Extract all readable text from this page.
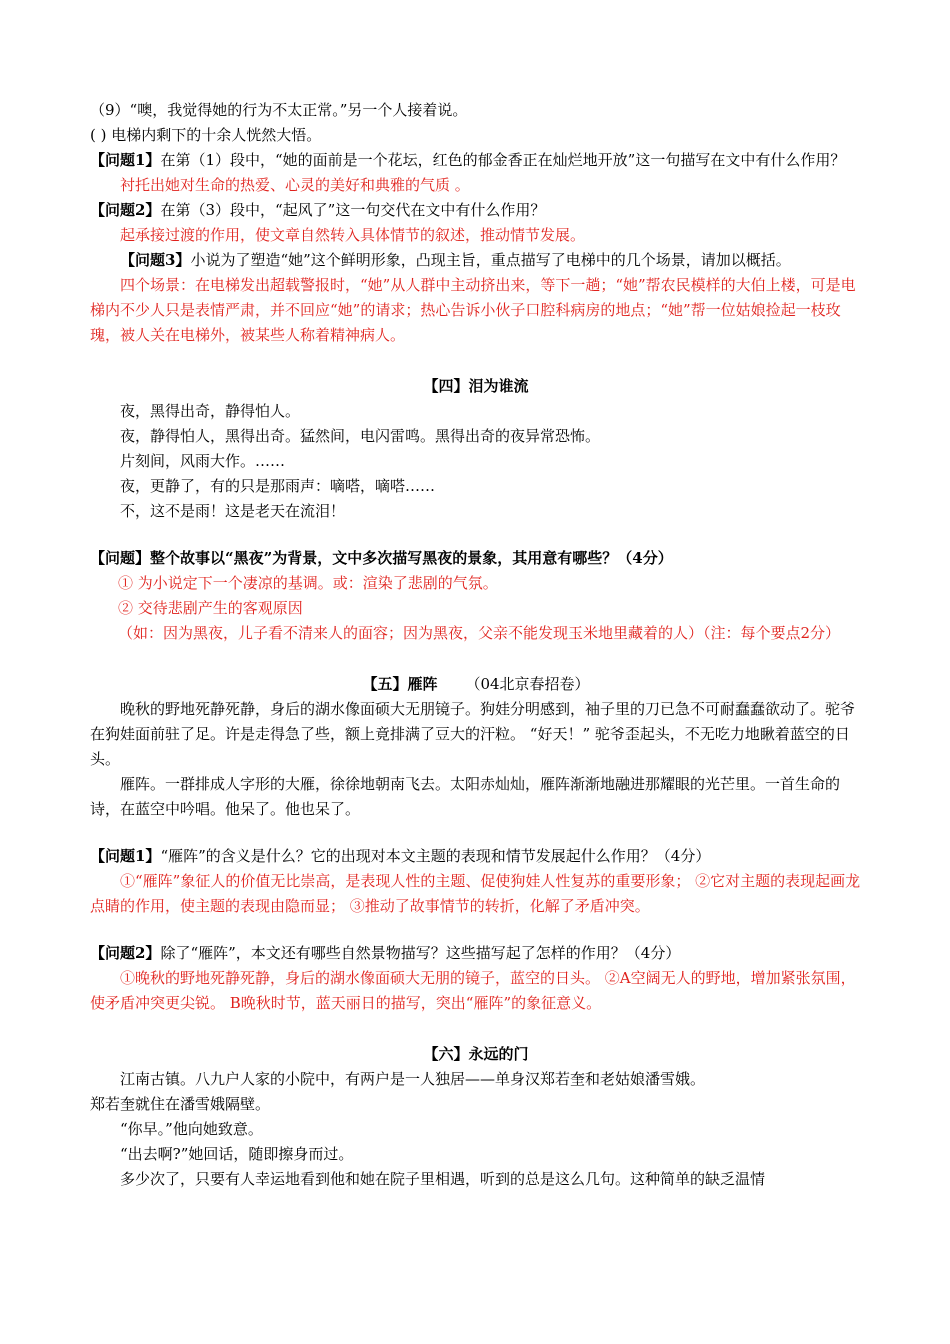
（9）“噢，我觉得她的行为不太正常。”另一个人接着说。

( ) 电梯内剩下的十余人恍然大悟。

【问题1】在第（1）段中，“她的面前是一个花坛，红色的郁金香正在灿烂地开放”这一句描写在文中有什么作用？

衬托出她对生命的热爱、心灵的美好和典雅的气质 。

【问题2】在第（3）段中，“起风了”这一句交代在文中有什么作用？

起承接过渡的作用，使文章自然转入具体情节的叙述，推动情节发展。

【问题3】小说为了塑造“她”这个鲜明形象，凸现主旨，重点描写了电梯中的几个场景，请加以概括。

四个场景：在电梯发出超载警报时，“她”从人群中主动挤出来，等下一趟；“她”帮农民模样的大伯上楼，可是电梯内不少人只是表情严肃，并不回应“她”的请求；热心告诉小伙子口腔科病房的地点；“她”帮一位姑娘捡起一枝玫瑰，被人关在电梯外，被某些人称着精神病人。

【四】泪为谁流

夜，黑得出奇，静得怕人。

夜，静得怕人，黑得出奇。猛然间，电闪雷鸣。黑得出奇的夜异常恐怖。

片刻间，风雨大作。……

夜，更静了，有的只是那雨声：嘀嗒，嘀嗒……

不，这不是雨！这是老天在流泪！

【问题】整个故事以“黑夜”为背景，文中多次描写黑夜的景象，其用意有哪些？（4分）

① 为小说定下一个凄凉的基调。或：渲染了悲剧的气氛。

② 交待悲剧产生的客观原因

（如：因为黑夜，儿子看不清来人的面容；因为黑夜，父亲不能发现玉米地里藏着的人）（注：每个要点2分）

【五】雁阵 （04北京春招卷）

晚秋的野地死静死静，身后的湖水像面硕大无朋镜子。狗娃分明感到，袖子里的刀已急不可耐蠢蠢欲动了。驼爷在狗娃面前驻了足。许是走得急了些，额上竟排满了豆大的汗粒。 “好天！” 驼爷歪起头，不无吃力地瞅着蓝空的日头。

雁阵。一群排成人字形的大雁，徐徐地朝南飞去。太阳赤灿灿，雁阵渐渐地融进那耀眼的光芒里。一首生命的诗，在蓝空中吟唱。他呆了。他也呆了。

【问题1】“雁阵”的含义是什么？它的出现对本文主题的表现和情节发展起什么作用？（4分）

①“雁阵”象征人的价值无比崇高，是表现人性的主题、促使狗娃人性复苏的重要形象； ②它对主题的表现起画龙点睛的作用，使主题的表现由隐而显； ③推动了故事情节的转折，化解了矛盾冲突。

【问题2】除了“雁阵”，本文还有哪些自然景物描写？这些描写起了怎样的作用？（4分）

①晚秋的野地死静死静，身后的湖水像面硕大无朋的镜子，蓝空的日头。 ②A空阔无人的野地，增加紧张氛围，使矛盾冲突更尖锐。 B晚秋时节，蓝天丽日的描写，突出“雁阵”的象征意义。

【六】永远的门

江南古镇。八九户人家的小院中，有两户是一人独居——单身汉郑若奎和老姑娘潘雪娥。

郑若奎就住在潘雪娥隔壁。

“你早。”他向她致意。

“出去啊?”她回话，随即擦身而过。

多少次了，只要有人幸运地看到他和她在院子里相遇，听到的总是这么几句。这种简单的缺乏温情
